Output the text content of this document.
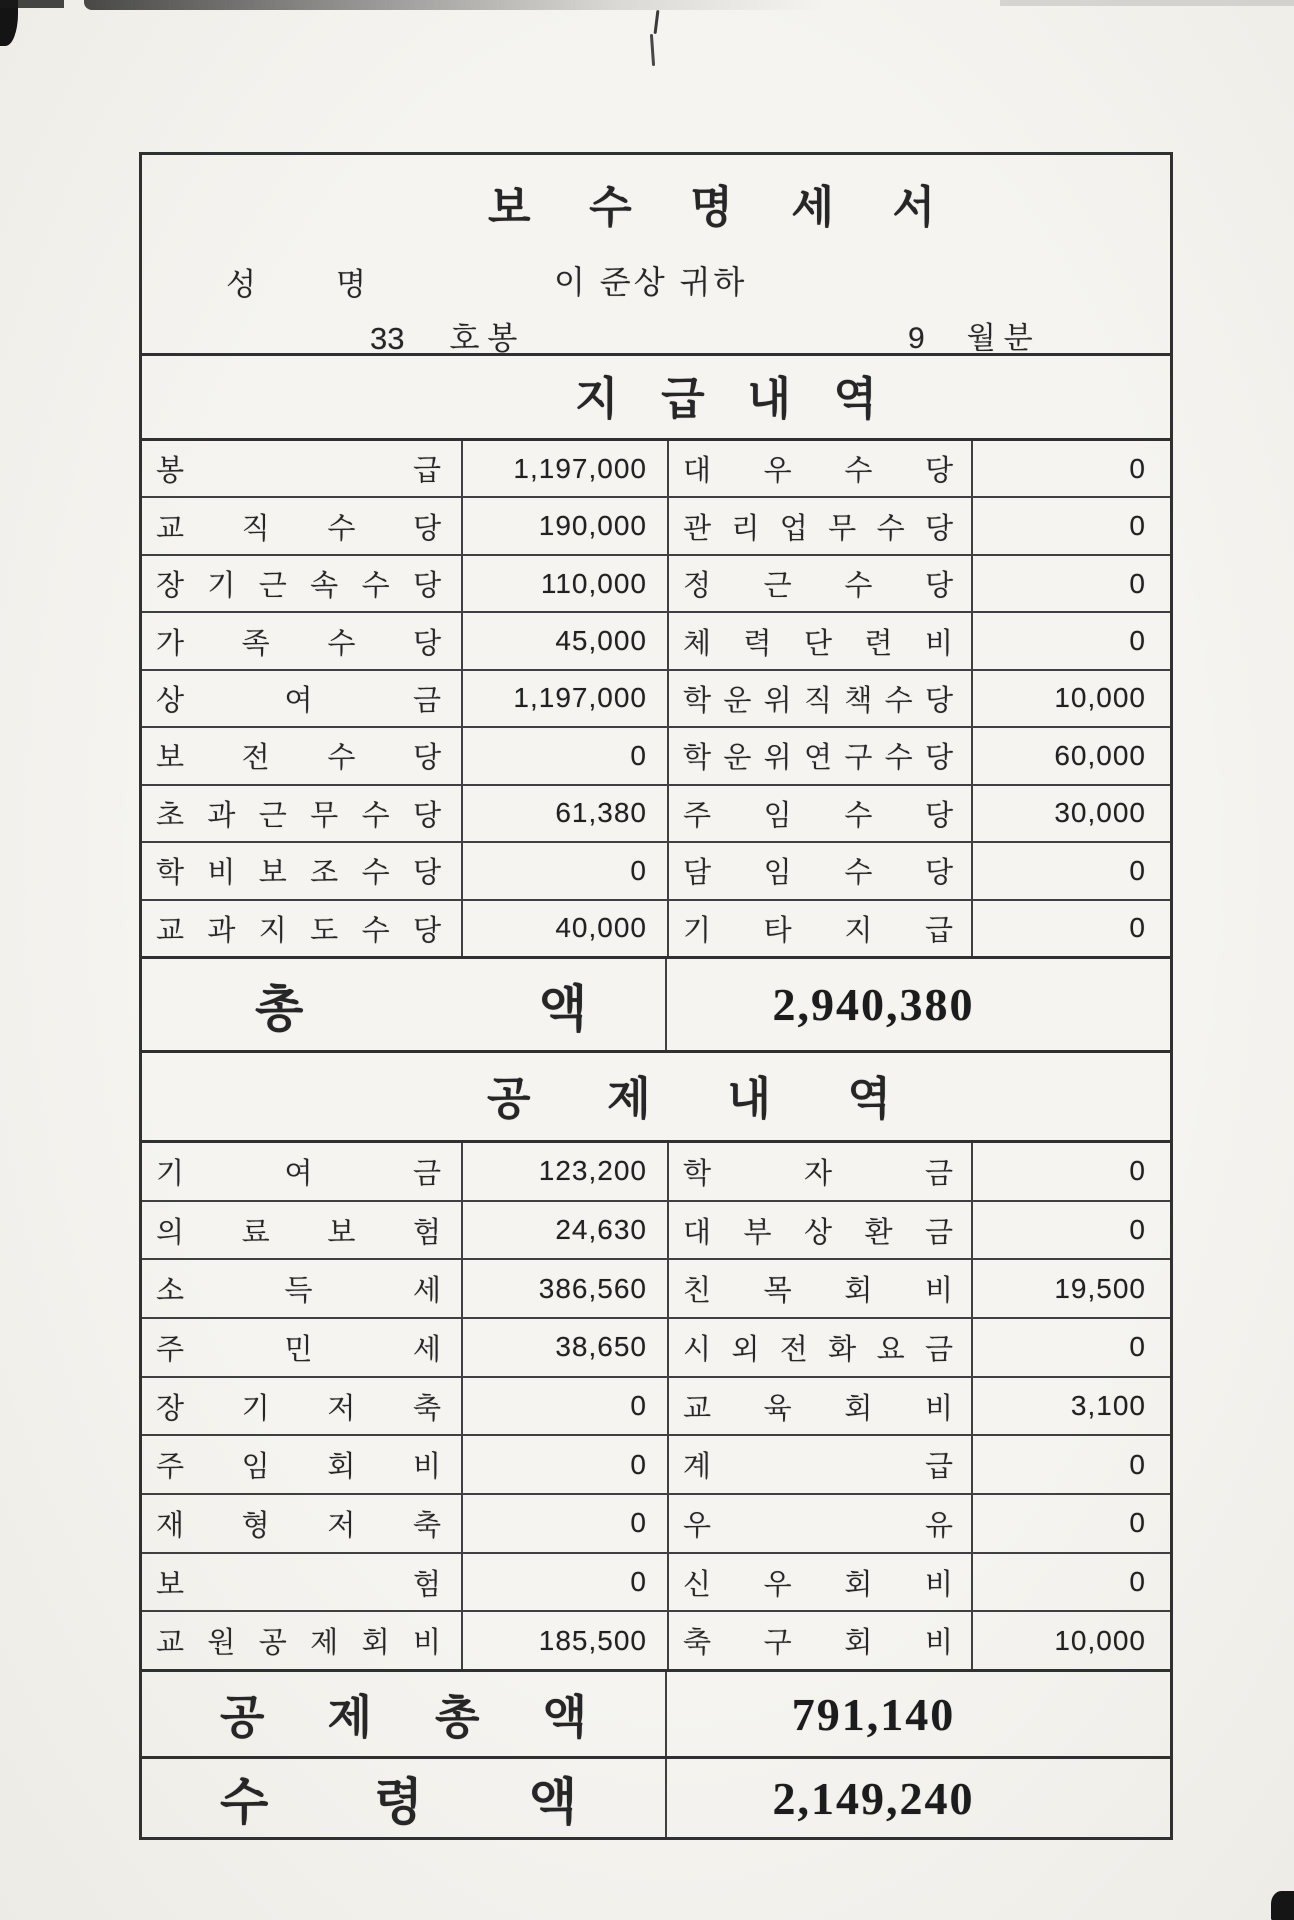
보 수 명 세 서
성	명	이 준상 귀하
33 호봉	9 월분
지 급 내 역
봉	급	1,197,000 대 우 수 당	0
교 직 수 당	190,000 관 리 업 무 수 당	0
장 기 근 속 수 당	110,000 정 근 수 당	0
가 족 수 당	45,000 체 력 단 련 비	0
상	여	금	1,197,000 학 운 위 직 책 수 당	10,000
보 전 수 당	0 학 운 위 연 구 수 당	60,000
초 과 근 무 수 당	61,380 주 임 수 당	30,000
학 비 보 조 수 당	0 담 임 수 당	0
교 과 지 도 수 당	40,000 기 타 지 급	0
총	액	2,940,380
공 제 내 역
기	여	금	123,200 학	자	금	0
의 료 보 험	24,630 대 부 상 환 금	0
소	득	세	386,560 친 목 회 비	19,500
주	민	세	38,650 시 외 전 화 요 금	0
장 기 저 축	0 교 육 회 비	3,100
주 임 회 비	0 계	급	0
재 형 저 축	0 우	유	0
보	험	0 신 우 회 비	0
교 원 공 제 회 비	185,500 축 구 회 비	10,000
공 제 총 액	791,140
수 령 액	2,149,240
